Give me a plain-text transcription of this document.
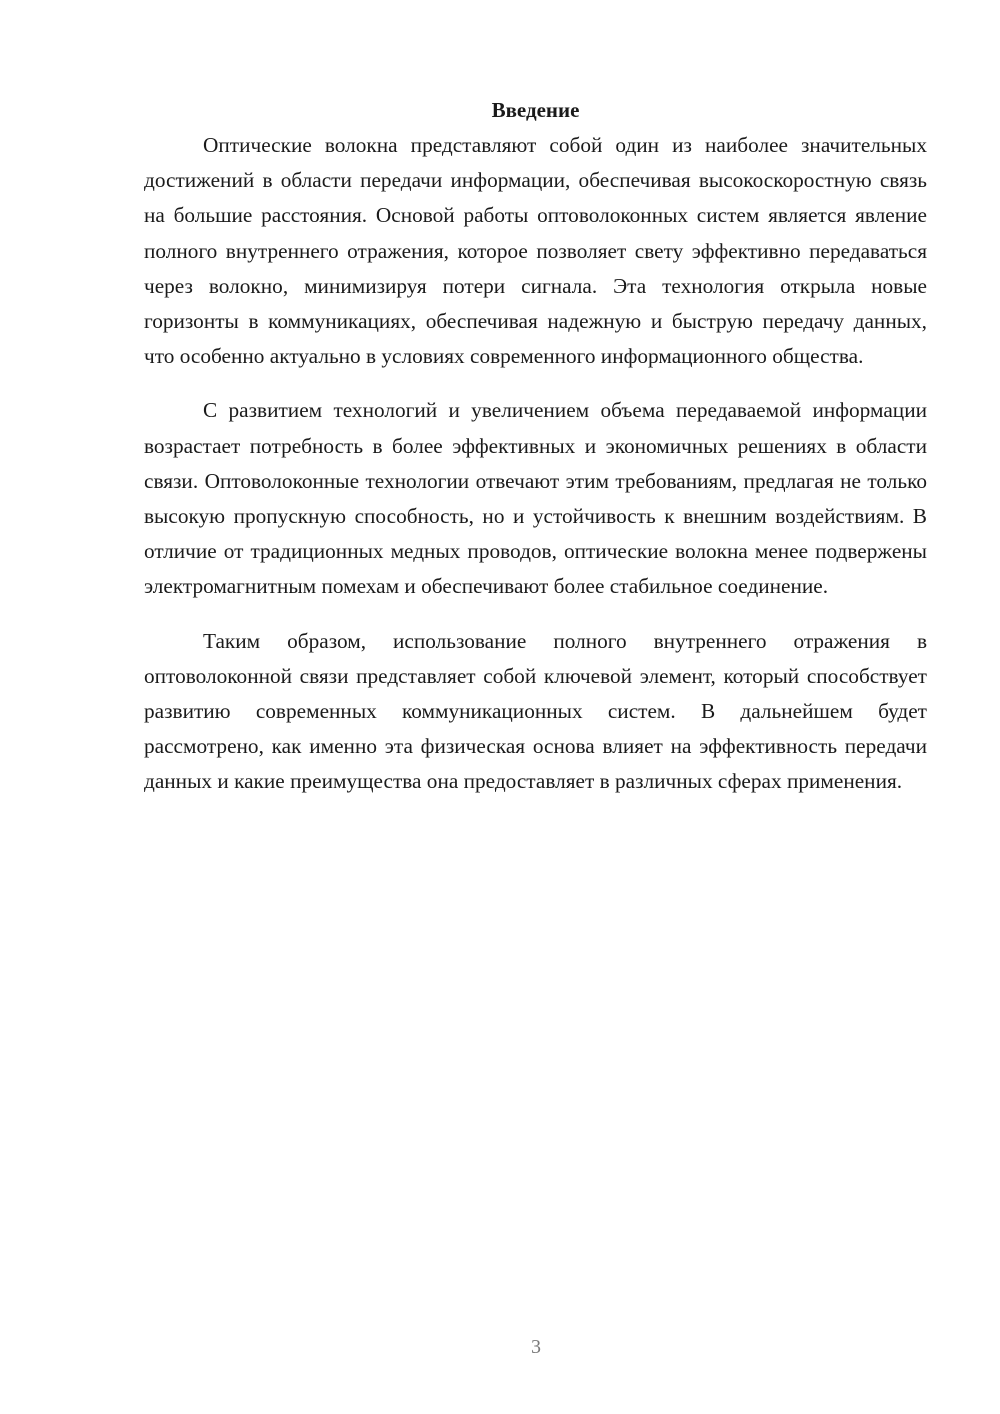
Введение

Оптические волокна представляют собой один из наиболее значительных достижений в области передачи информации, обеспечивая высокоскоростную связь на большие расстояния. Основой работы оптоволоконных систем является явление полного внутреннего отражения, которое позволяет свету эффективно передаваться через волокно, минимизируя потери сигнала. Эта технология открыла новые горизонты в коммуникациях, обеспечивая надежную и быструю передачу данных, что особенно актуально в условиях современного информационного общества.

С развитием технологий и увеличением объема передаваемой информации возрастает потребность в более эффективных и экономичных решениях в области связи. Оптоволоконные технологии отвечают этим требованиям, предлагая не только высокую пропускную способность, но и устойчивость к внешним воздействиям. В отличие от традиционных медных проводов, оптические волокна менее подвержены электромагнитным помехам и обеспечивают более стабильное соединение.

Таким образом, использование полного внутреннего отражения в оптоволоконной связи представляет собой ключевой элемент, который способствует развитию современных коммуникационных систем. В дальнейшем будет рассмотрено, как именно эта физическая основа влияет на эффективность передачи данных и какие преимущества она предоставляет в различных сферах применения.

3
